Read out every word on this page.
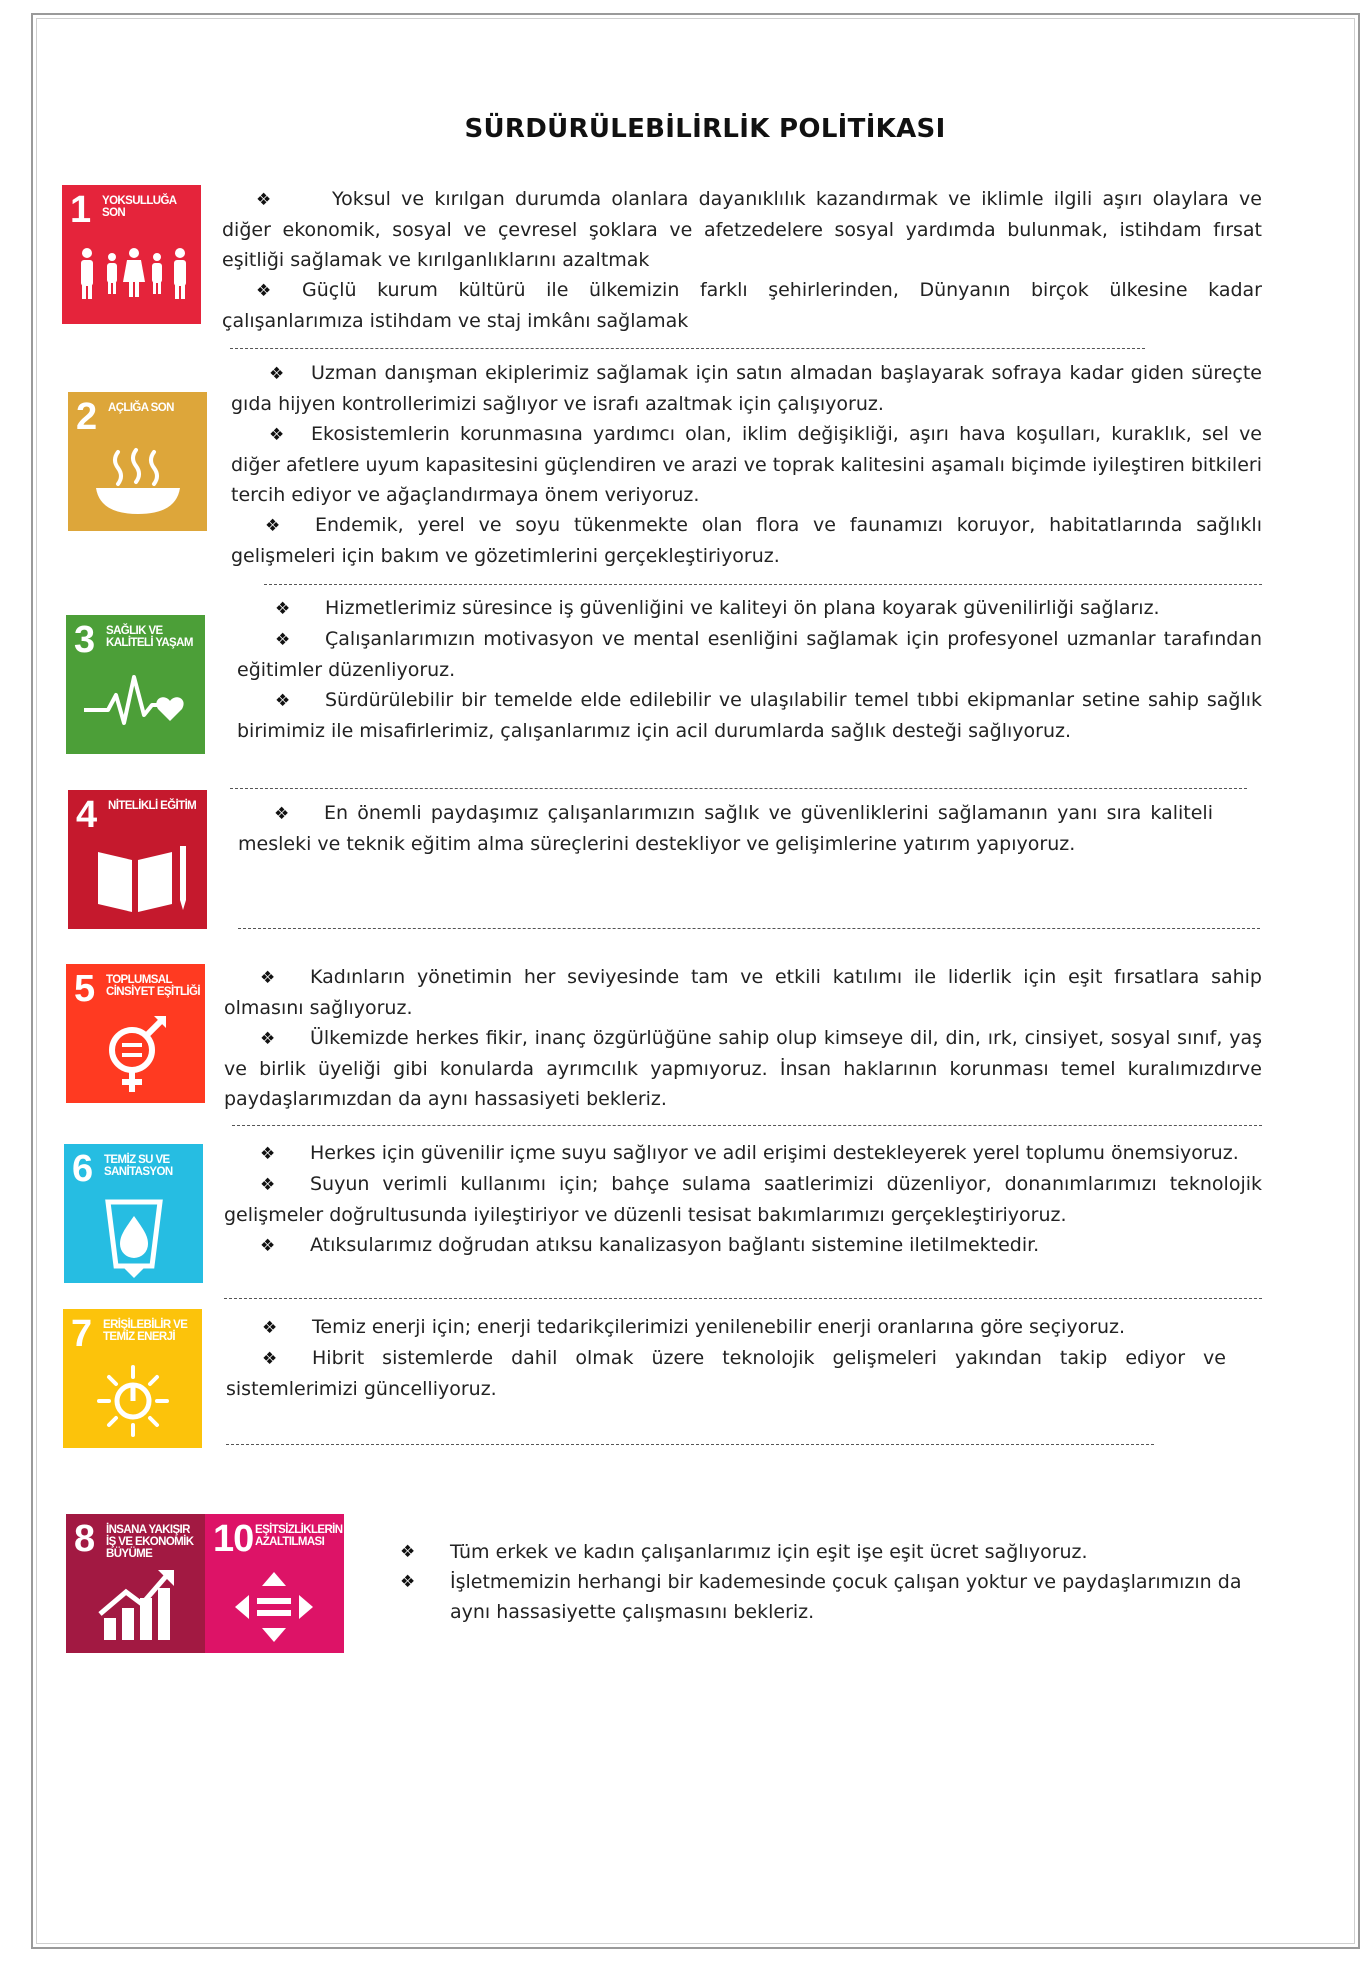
SÜRDÜRÜLEBİLİRLİK POLİTİKASI
1 YOKSULLUĞA SON
2 AÇLIĞA SON
3 SAĞLIK VE KALİTELİ YAŞAM
4 NİTELİKLİ EĞİTİM
5 TOPLUMSAL CİNSİYET EŞİTLİĞİ
6 TEMİZ SU VE SANİTASYON
7 ERİŞİLEBİLİR VE TEMİZ ENERJİ
8 İNSANA YAKIŞIR İŞ VE EKONOMİK BÜYÜME	10 EŞİTSİZLİKLERİN AZALTILMASI

❖	Yoksul ve kırılgan durumda olanlara dayanıklılık kazandırmak ve iklimle ilgili aşırı olaylara ve diğer ekonomik, sosyal ve çevresel şoklara ve afetzedelere sosyal yardımda bulunmak, istihdam fırsat eşitliği sağlamak ve kırılganlıklarını azaltmak

❖ Güçlü kurum kültürü ile ülkemizin farklı şehirlerinden, Dünyanın birçok ülkesine kadar çalışanlarımıza istihdam ve staj imkânı sağlamak

❖ Uzman danışman ekiplerimiz sağlamak için satın almadan başlayarak sofraya kadar giden süreçte gıda hijyen kontrollerimizi sağlıyor ve israfı azaltmak için çalışıyoruz.

❖ Ekosistemlerin korunmasına yardımcı olan, iklim değişikliği, aşırı hava koşulları, kuraklık, sel ve diğer afetlere uyum kapasitesini güçlendiren ve arazi ve toprak kalitesini aşamalı biçimde iyileştiren bitkileri tercih ediyor ve ağaçlandırmaya önem veriyoruz.

❖ Endemik, yerel ve soyu tükenmekte olan flora ve faunamızı koruyor, habitatlarında sağlıklı gelişmeleri için bakım ve gözetimlerini gerçekleştiriyoruz.

❖ Hizmetlerimiz süresince iş güvenliğini ve kaliteyi ön plana koyarak güvenilirliği sağlarız.

❖ Çalışanlarımızın motivasyon ve mental esenliğini sağlamak için profesyonel uzmanlar tarafından eğitimler düzenliyoruz.

❖ Sürdürülebilir bir temelde elde edilebilir ve ulaşılabilir temel tıbbi ekipmanlar setine sahip sağlık birimimiz ile misafirlerimiz, çalışanlarımız için acil durumlarda sağlık desteği sağlıyoruz.

❖ En önemli paydaşımız çalışanlarımızın sağlık ve güvenliklerini sağlamanın yanı sıra kaliteli mesleki ve teknik eğitim alma süreçlerini destekliyor ve gelişimlerine yatırım yapıyoruz.

❖ Kadınların yönetimin her seviyesinde tam ve etkili katılımı ile liderlik için eşit fırsatlara sahip olmasını sağlıyoruz.

❖ Ülkemizde herkes fikir, inanç özgürlüğüne sahip olup kimseye dil, din, ırk, cinsiyet, sosyal sınıf, yaş ve birlik üyeliği gibi konularda ayrımcılık yapmıyoruz. İnsan haklarının korunması temel kuralımızdırve paydaşlarımızdan da aynı hassasiyeti bekleriz.

❖ Herkes için güvenilir içme suyu sağlıyor ve adil erişimi destekleyerek yerel toplumu önemsiyoruz.

❖ Suyun verimli kullanımı için; bahçe sulama saatlerimizi düzenliyor, donanımlarımızı teknolojik gelişmeler doğrultusunda iyileştiriyor ve düzenli tesisat bakımlarımızı gerçekleştiriyoruz.

❖ Atıksularımız doğrudan atıksu kanalizasyon bağlantı sistemine iletilmektedir.

❖ Temiz enerji için; enerji tedarikçilerimizi yenilenebilir enerji oranlarına göre seçiyoruz.

❖ Hibrit sistemlerde dahil olmak üzere teknolojik gelişmeleri yakından takip ediyor ve sistemlerimizi güncelliyoruz.

❖	Tüm erkek ve kadın çalışanlarımız için eşit işe eşit ücret sağlıyoruz.
❖	İşletmemizin herhangi bir kademesinde çocuk çalışan yoktur ve paydaşlarımızın da aynı hassasiyette çalışmasını bekleriz.
